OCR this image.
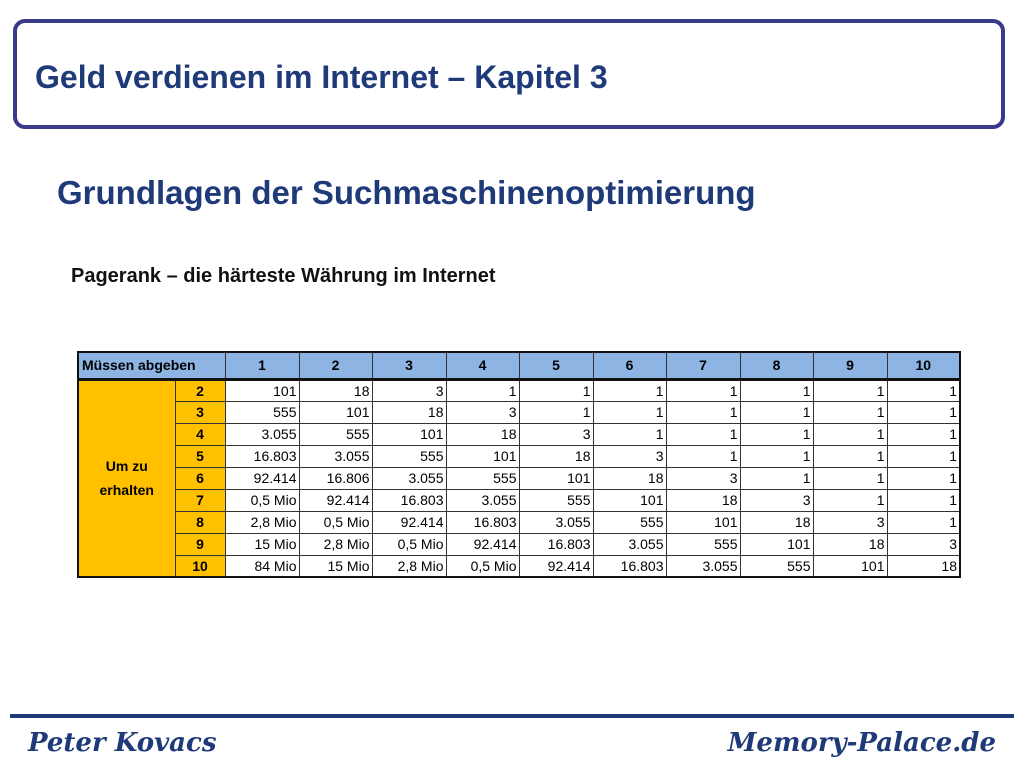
Geld verdienen im Internet – Kapitel 3
Grundlagen der Suchmaschinenoptimierung
Pagerank – die härteste Währung im Internet
Müssen abgeben		1	2	3	4	5	6	7	8	9	10
Um zu erhalten	2	101	18	3	1	1	1	1	1	1	1
	3	555	101	18	3	1	1	1	1	1	1
	4	3.055	555	101	18	3	1	1	1	1	1
	5	16.803	3.055	555	101	18	3	1	1	1	1
	6	92.414	16.806	3.055	555	101	18	3	1	1	1
	7	0,5 Mio	92.414	16.803	3.055	555	101	18	3	1	1
	8	2,8 Mio	0,5 Mio	92.414	16.803	3.055	555	101	18	3	1
	9	15 Mio	2,8 Mio	0,5 Mio	92.414	16.803	3.055	555	101	18	3
	10	84 Mio	15 Mio	2,8 Mio	0,5 Mio	92.414	16.803	3.055	555	101	18
Peter Kovacs	Memory-Palace.de
